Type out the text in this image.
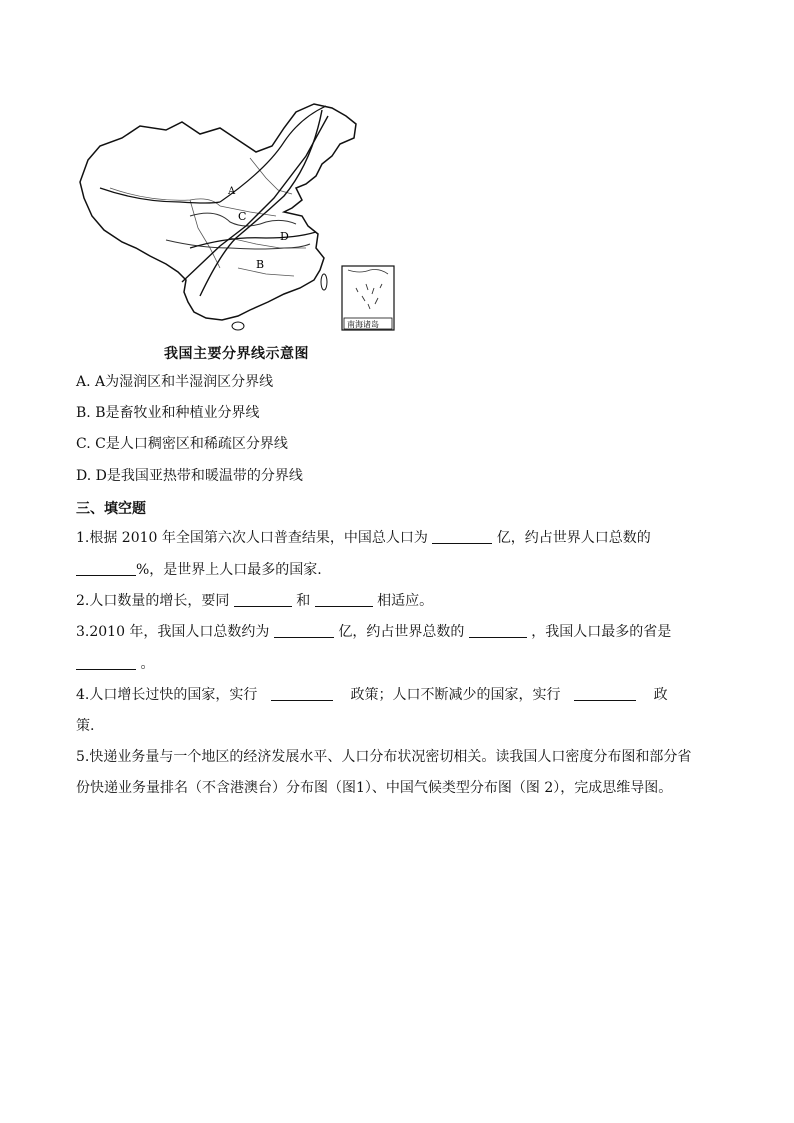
A
C
D
B
南海诸岛
我国主要分界线示意图
A. A为湿润区和半湿润区分界线
B. B是畜牧业和种植业分界线
C. C是人口稠密区和稀疏区分界线
D. D是我国亚热带和暖温带的分界线
三、填空题
1.根据 2010 年全国第六次人口普查结果，中国总人口为	亿，约占世界人口总数的
%，是世界上人口最多的国家.
2.人口数量的增长，要同	和	相适应。
3.2010 年，我国人口总数约为	亿，约占世界总数的	，我国人口最多的省是
。
4.人口增长过快的国家，实行	政策；人口不断减少的国家，实行	政
策.
5.快递业务量与一个地区的经济发展水平、人口分布状况密切相关。读我国人口密度分布图和部分省
份快递业务量排名（不含港澳台）分布图（图1）、中国气候类型分布图（图 2），完成思维导图。
